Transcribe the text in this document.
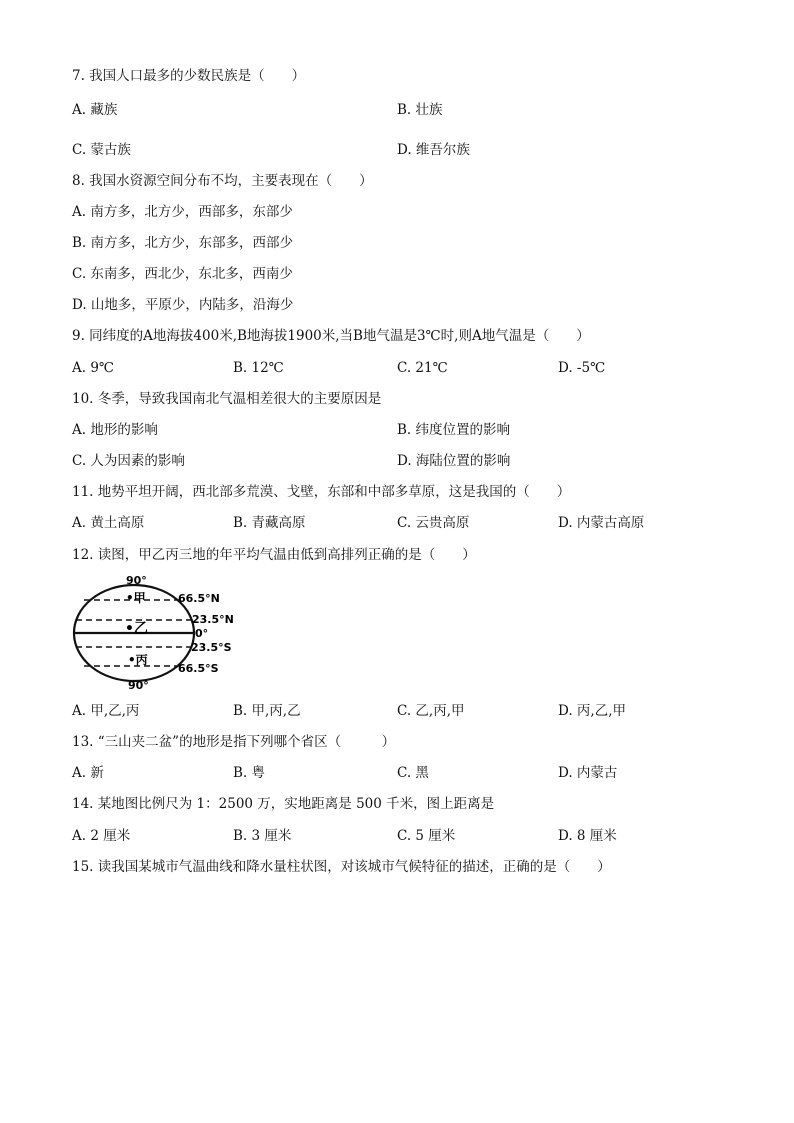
7. 我国人口最多的少数民族是（　　）
A. 藏族	B. 壮族
C. 蒙古族	D. 维吾尔族
8. 我国水资源空间分布不均，主要表现在（　　）
A. 南方多，北方少，西部多，东部少
B. 南方多，北方少，东部多，西部少
C. 东南多，西北少，东北多，西南少
D. 山地多，平原少，内陆多，沿海少
9. 同纬度的A地海拔400米,B地海拔1900米,当B地气温是3℃时,则A地气温是（　　）
A. 9℃	B. 12℃	C. 21℃	D. -5℃
10. 冬季，导致我国南北气温相差很大的主要原因是
A. 地形的影响	B. 纬度位置的影响
C. 人为因素的影响	D. 海陆位置的影响
11. 地势平坦开阔，西北部多荒漠、戈壁，东部和中部多草原，这是我国的（　　）
A. 黄土高原	B. 青藏高原	C. 云贵高原	D. 内蒙古高原
12. 读图，甲乙丙三地的年平均气温由低到高排列正确的是（　　）
90°
90°
66.5°N
23.5°N
0°
23.5°S
66.5°S
•甲
•乙
•丙
A. 甲,乙,丙	B. 甲,丙,乙	C. 乙,丙,甲	D. 丙,乙,甲
13. “三山夹二盆”的地形是指下列哪个省区（　　　）
A. 新	B. 粤	C. 黑	D. 内蒙古
14. 某地图比例尺为 1：2500 万，实地距离是 500 千米，图上距离是
A. 2 厘米	B. 3 厘米	C. 5 厘米	D. 8 厘米
15. 读我国某城市气温曲线和降水量柱状图，对该城市气候特征的描述，正确的是（　　）
